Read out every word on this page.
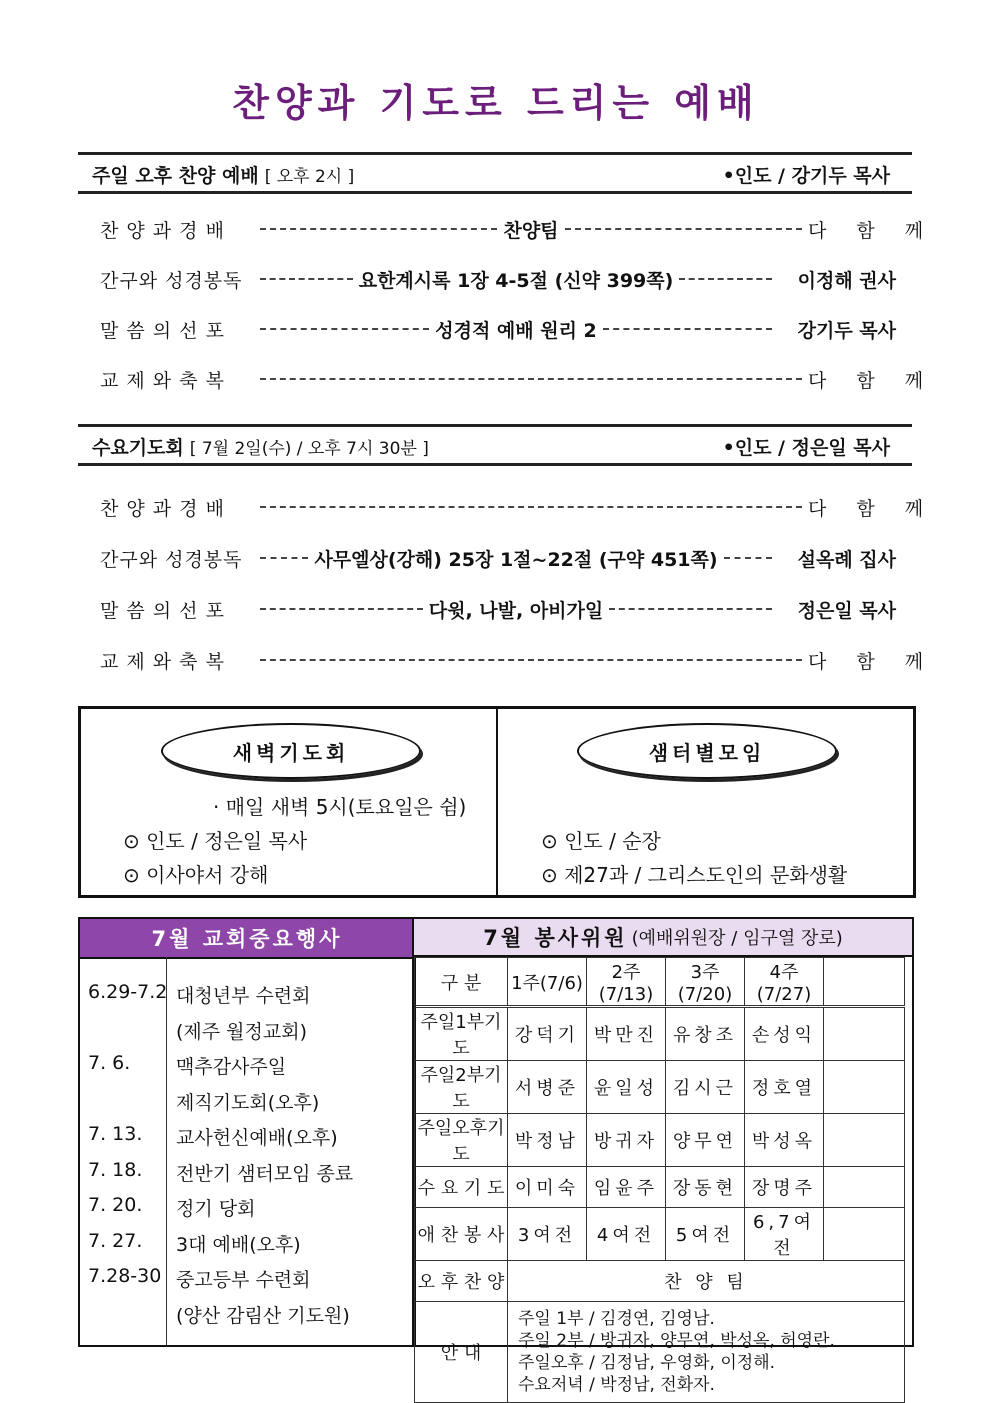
찬양과 기도로 드리는 예배
주일 오후 찬양 예배 [ 오후 2시 ]	•인도 / 강기두 목사
찬 양 과 경 배	찬양팀	다함께
간구와 성경봉독	요한계시록 1장 4-5절 (신약 399쪽)	이정해 권사
말 씀 의 선 포	성경적 예배 원리 2	강기두 목사
교 제 와 축 복	다함께
수요기도회 [ 7월 2일(수) / 오후 7시 30분 ]	•인도 / 정은일 목사
찬 양 과 경 배	다함께
간구와 성경봉독	사무엘상(강해) 25장 1절~22절 (구약 451쪽)	설옥례 집사
말 씀 의 선 포	다윗, 나발, 아비가일	정은일 목사
교 제 와 축 복	다함께
새벽기도회
· 매일 새벽 5시(토요일은 쉼)
⊙ 인도 / 정은일 목사
⊙ 이사야서 강해
샘터별모임
⊙ 인도 / 순장
⊙ 제27과 / 그리스도인의 문화생활
7월 교회중요행사
6.29-7.2 대청년부 수련회
(제주 월정교회)
7. 6. 맥추감사주일
제직기도회(오후)
7. 13. 교사헌신예배(오후)
7. 18. 전반기 샘터모임 종료
7. 20. 정기 당회
7. 27. 3대 예배(오후)
7.28-30 중고등부 수련회
(양산 감림산 기도원)
7월 봉사위원 (예배위원장 / 임구열 장로)
구 분	1주(7/6)	2주(7/13)	3주(7/20)	4주(7/27)	
주일1부기도	강덕기	박만진	유창조	손성익	
주일2부기도	서병준	윤일성	김시근	정호열	
주일오후기도	박정남	방귀자	양무연	박성옥	
수 요 기 도	이미숙	임윤주	장동현	장명주	
애 찬 봉 사	3여전	4여전	5여전	6,7여전	
오 후 찬 양	찬 양 팀				
안 내	주일 1부 / 김경연, 김영남.
주일 2부 / 방귀자, 양무연, 박성옥, 허영란.
주일오후 / 김정남, 우영화, 이정해.
수요저녁 / 박정남, 전화자.				
